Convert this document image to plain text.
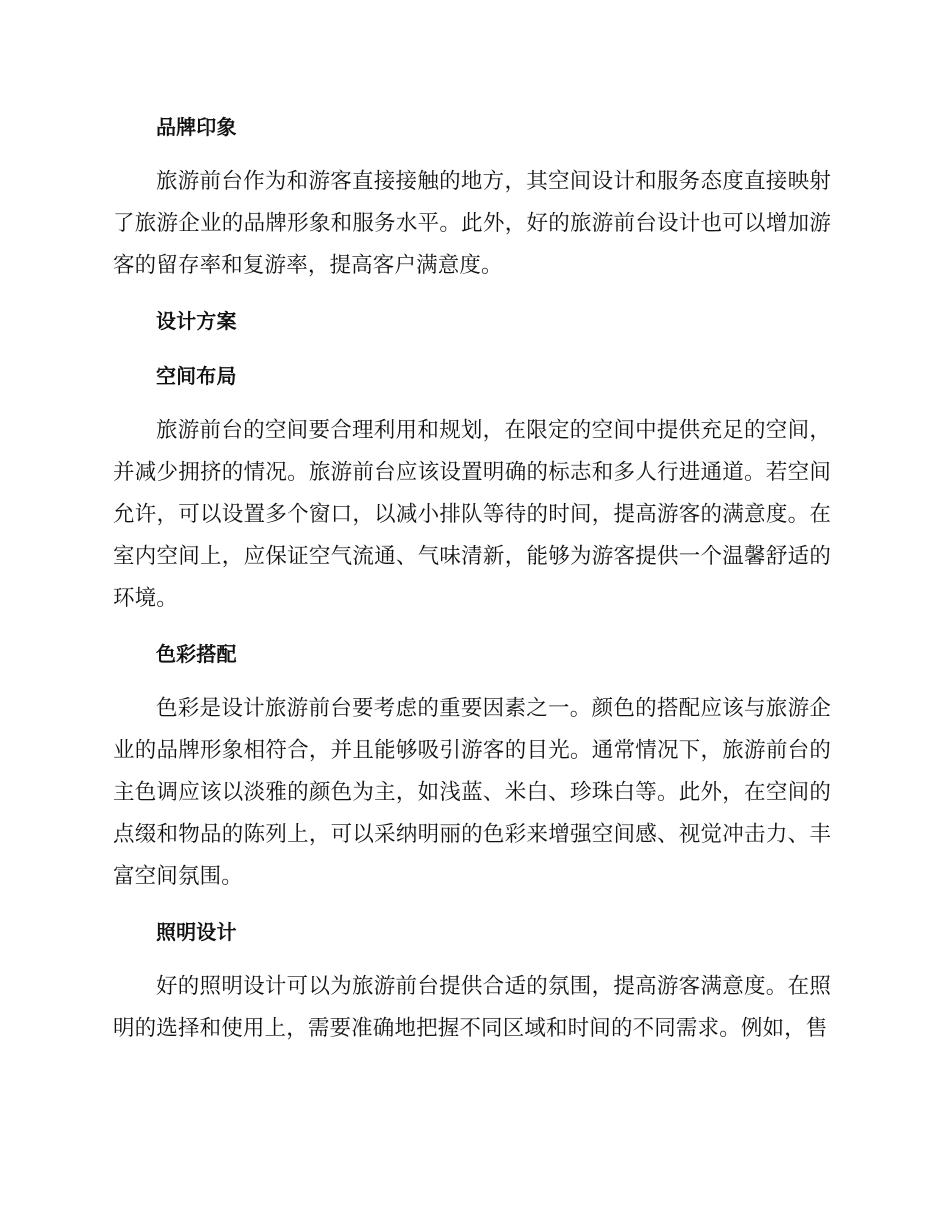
品牌印象

旅游前台作为和游客直接接触的地方，其空间设计和服务态度直接映射了旅游企业的品牌形象和服务水平。此外，好的旅游前台设计也可以增加游客的留存率和复游率，提高客户满意度。

设计方案
空间布局

旅游前台的空间要合理利用和规划，在限定的空间中提供充足的空间，并减少拥挤的情况。旅游前台应该设置明确的标志和多人行进通道。若空间允许，可以设置多个窗口，以减小排队等待的时间，提高游客的满意度。在室内空间上，应保证空气流通、气味清新，能够为游客提供一个温馨舒适的环境。

色彩搭配

色彩是设计旅游前台要考虑的重要因素之一。颜色的搭配应该与旅游企业的品牌形象相符合，并且能够吸引游客的目光。通常情况下，旅游前台的主色调应该以淡雅的颜色为主，如浅蓝、米白、珍珠白等。此外，在空间的点缀和物品的陈列上，可以采纳明丽的色彩来增强空间感、视觉冲击力、丰富空间氛围。

照明设计

好的照明设计可以为旅游前台提供合适的氛围，提高游客满意度。在照明的选择和使用上，需要准确地把握不同区域和时间的不同需求。例如，售
